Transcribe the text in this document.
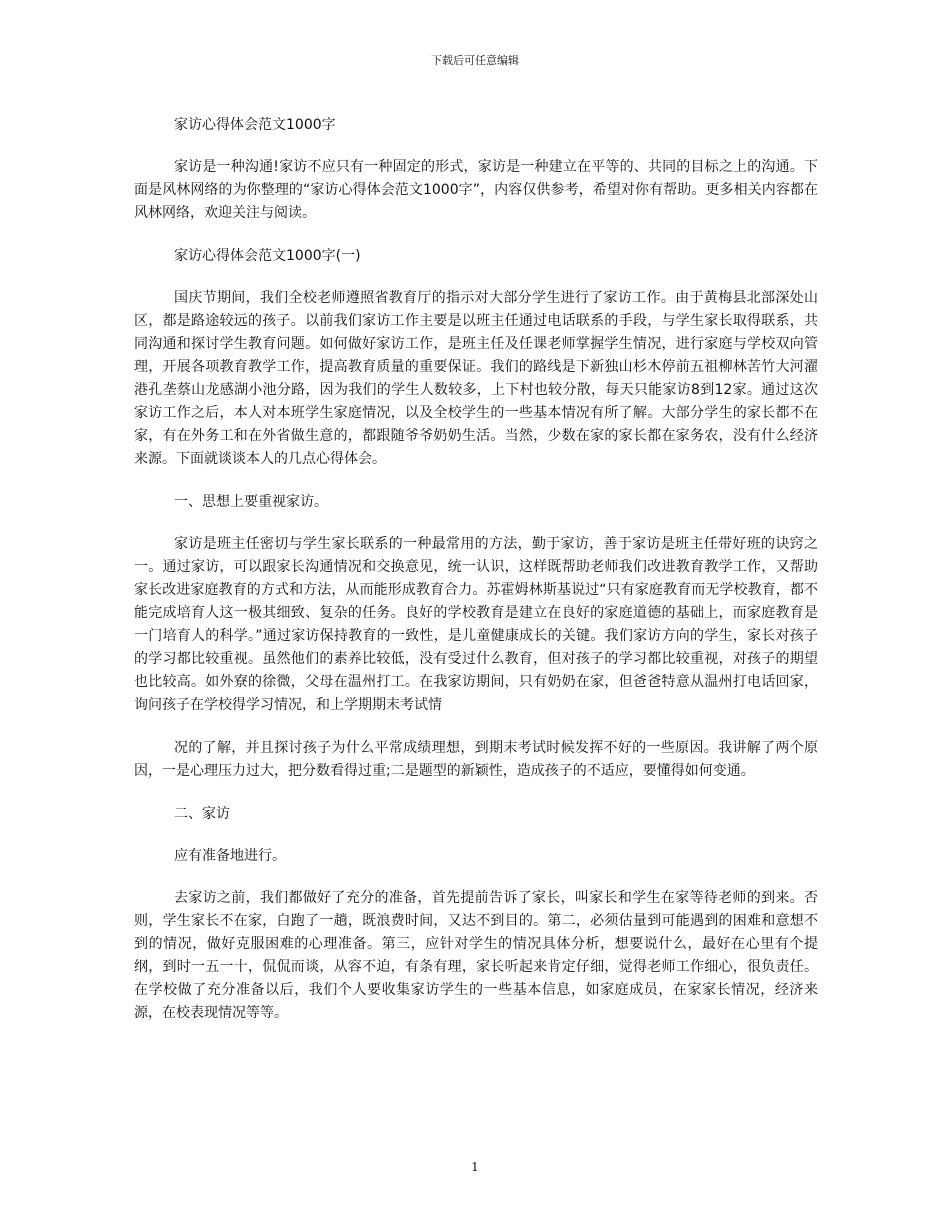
下载后可任意编辑

家访心得体会范文1000字

家访是一种沟通!家访不应只有一种固定的形式，家访是一种建立在平等的、共同的目标之上的沟通。下面是风林网络的为你整理的“家访心得体会范文1000字”，内容仅供参考，希望对你有帮助。更多相关内容都在风林网络，欢迎关注与阅读。

家访心得体会范文1000字(一)

国庆节期间，我们全校老师遵照省教育厅的指示对大部分学生进行了家访工作。由于黄梅县北部深处山区，都是路途较远的孩子。以前我们家访工作主要是以班主任通过电话联系的手段，与学生家长取得联系，共同沟通和探讨学生教育问题。如何做好家访工作，是班主任及任课老师掌握学生情况，进行家庭与学校双向管理，开展各项教育教学工作，提高教育质量的重要保证。我们的路线是下新独山杉木停前五祖柳林苦竹大河濯港孔垄蔡山龙感湖小池分路，因为我们的学生人数较多，上下村也较分散，每天只能家访8到12家。通过这次家访工作之后，本人对本班学生家庭情况，以及全校学生的一些基本情况有所了解。大部分学生的家长都不在家，有在外务工和在外省做生意的，都跟随爷爷奶奶生活。当然，少数在家的家长都在家务农，没有什么经济来源。下面就谈谈本人的几点心得体会。

一、思想上要重视家访。

家访是班主任密切与学生家长联系的一种最常用的方法，勤于家访，善于家访是班主任带好班的诀窍之一。通过家访，可以跟家长沟通情况和交换意见，统一认识，这样既帮助老师我们改进教育教学工作，又帮助家长改进家庭教育的方式和方法，从而能形成教育合力。苏霍姆林斯基说过“只有家庭教育而无学校教育，都不能完成培育人这一极其细致、复杂的任务。良好的学校教育是建立在良好的家庭道德的基础上，而家庭教育是一门培育人的科学。”通过家访保持教育的一致性，是儿童健康成长的关键。我们家访方向的学生，家长对孩子的学习都比较重视。虽然他们的素养比较低，没有受过什么教育，但对孩子的学习都比较重视，对孩子的期望也比较高。如外寮的徐微，父母在温州打工。在我家访期间，只有奶奶在家，但爸爸特意从温州打电话回家，询问孩子在学校得学习情况，和上学期期末考试情

况的了解，并且探讨孩子为什么平常成绩理想，到期末考试时候发挥不好的一些原因。我讲解了两个原因，一是心理压力过大，把分数看得过重;二是题型的新颖性，造成孩子的不适应，要懂得如何变通。

二、家访

应有准备地进行。

去家访之前，我们都做好了充分的准备，首先提前告诉了家长，叫家长和学生在家等待老师的到来。否则，学生家长不在家，白跑了一趟，既浪费时间，又达不到目的。第二，必须估量到可能遇到的困难和意想不到的情况，做好克服困难的心理准备。第三，应针对学生的情况具体分析，想要说什么，最好在心里有个提纲，到时一五一十，侃侃而谈，从容不迫，有条有理，家长听起来肯定仔细，觉得老师工作细心，很负责任。在学校做了充分准备以后，我们个人要收集家访学生的一些基本信息，如家庭成员，在家家长情况，经济来源，在校表现情况等等。

1
